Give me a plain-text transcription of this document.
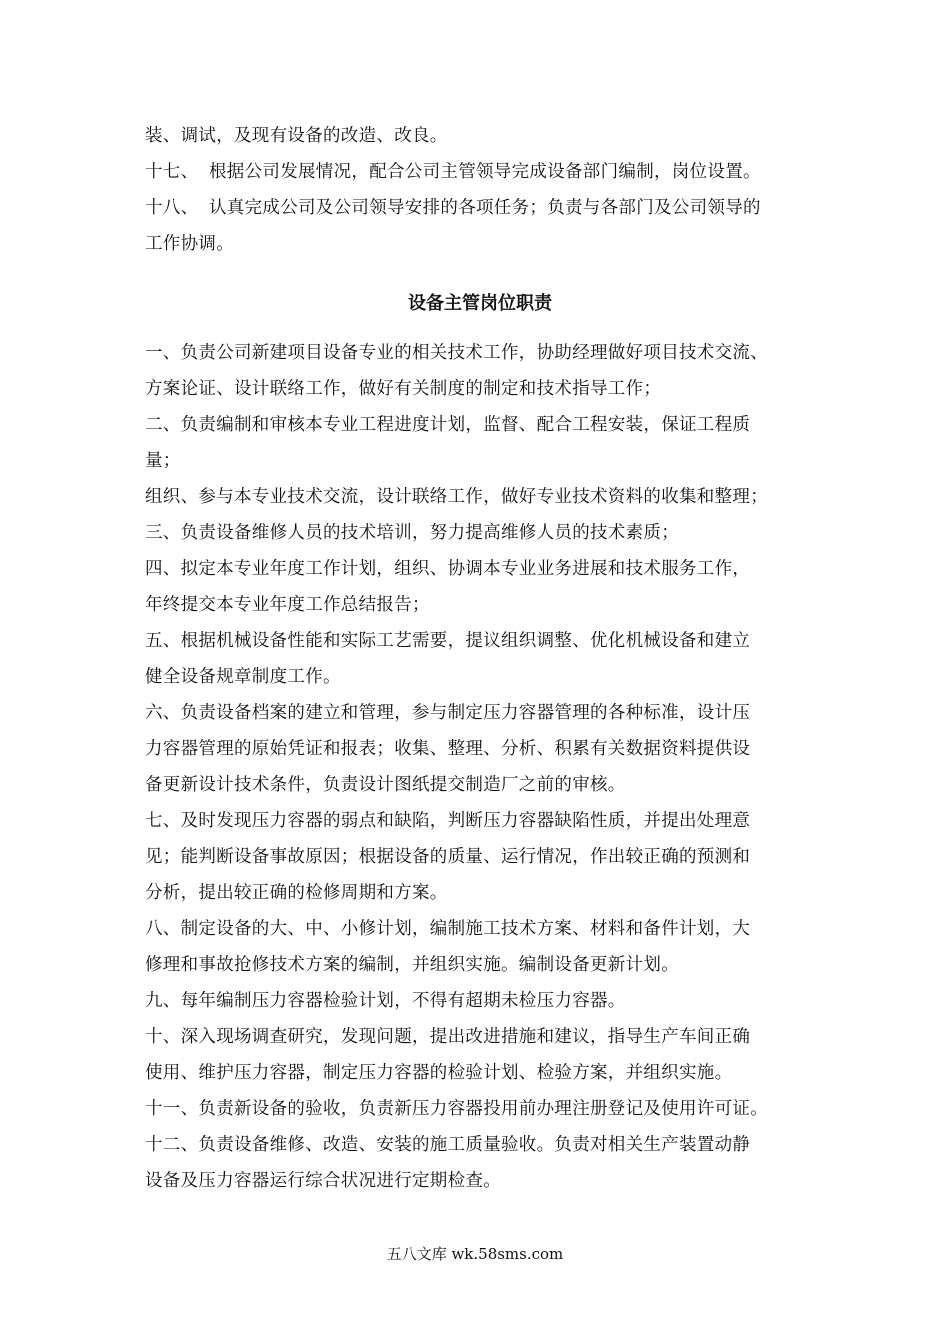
装、调试，及现有设备的改造、改良。
十七、 根据公司发展情况，配合公司主管领导完成设备部门编制，岗位设置。
十八、 认真完成公司及公司领导安排的各项任务；负责与各部门及公司领导的
工作协调。
设备主管岗位职责
一、负责公司新建项目设备专业的相关技术工作，协助经理做好项目技术交流、
方案论证、设计联络工作，做好有关制度的制定和技术指导工作；
二、负责编制和审核本专业工程进度计划，监督、配合工程安装，保证工程质
量；
组织、参与本专业技术交流，设计联络工作，做好专业技术资料的收集和整理；
三、负责设备维修人员的技术培训，努力提高维修人员的技术素质；
四、拟定本专业年度工作计划，组织、协调本专业业务进展和技术服务工作，
年终提交本专业年度工作总结报告；
五、根据机械设备性能和实际工艺需要，提议组织调整、优化机械设备和建立
健全设备规章制度工作。
六、负责设备档案的建立和管理，参与制定压力容器管理的各种标准，设计压
力容器管理的原始凭证和报表；收集、整理、分析、积累有关数据资料提供设
备更新设计技术条件，负责设计图纸提交制造厂之前的审核。
七、及时发现压力容器的弱点和缺陷，判断压力容器缺陷性质，并提出处理意
见；能判断设备事故原因；根据设备的质量、运行情况，作出较正确的预测和
分析，提出较正确的检修周期和方案。
八、制定设备的大、中、小修计划，编制施工技术方案、材料和备件计划，大
修理和事故抢修技术方案的编制，并组织实施。编制设备更新计划。
九、每年编制压力容器检验计划，不得有超期未检压力容器。
十、深入现场调查研究，发现问题，提出改进措施和建议，指导生产车间正确
使用、维护压力容器，制定压力容器的检验计划、检验方案，并组织实施。
十一、负责新设备的验收，负责新压力容器投用前办理注册登记及使用许可证。
十二、负责设备维修、改造、安装的施工质量验收。负责对相关生产装置动静
设备及压力容器运行综合状况进行定期检查。
五八文库 wk.58sms.com
